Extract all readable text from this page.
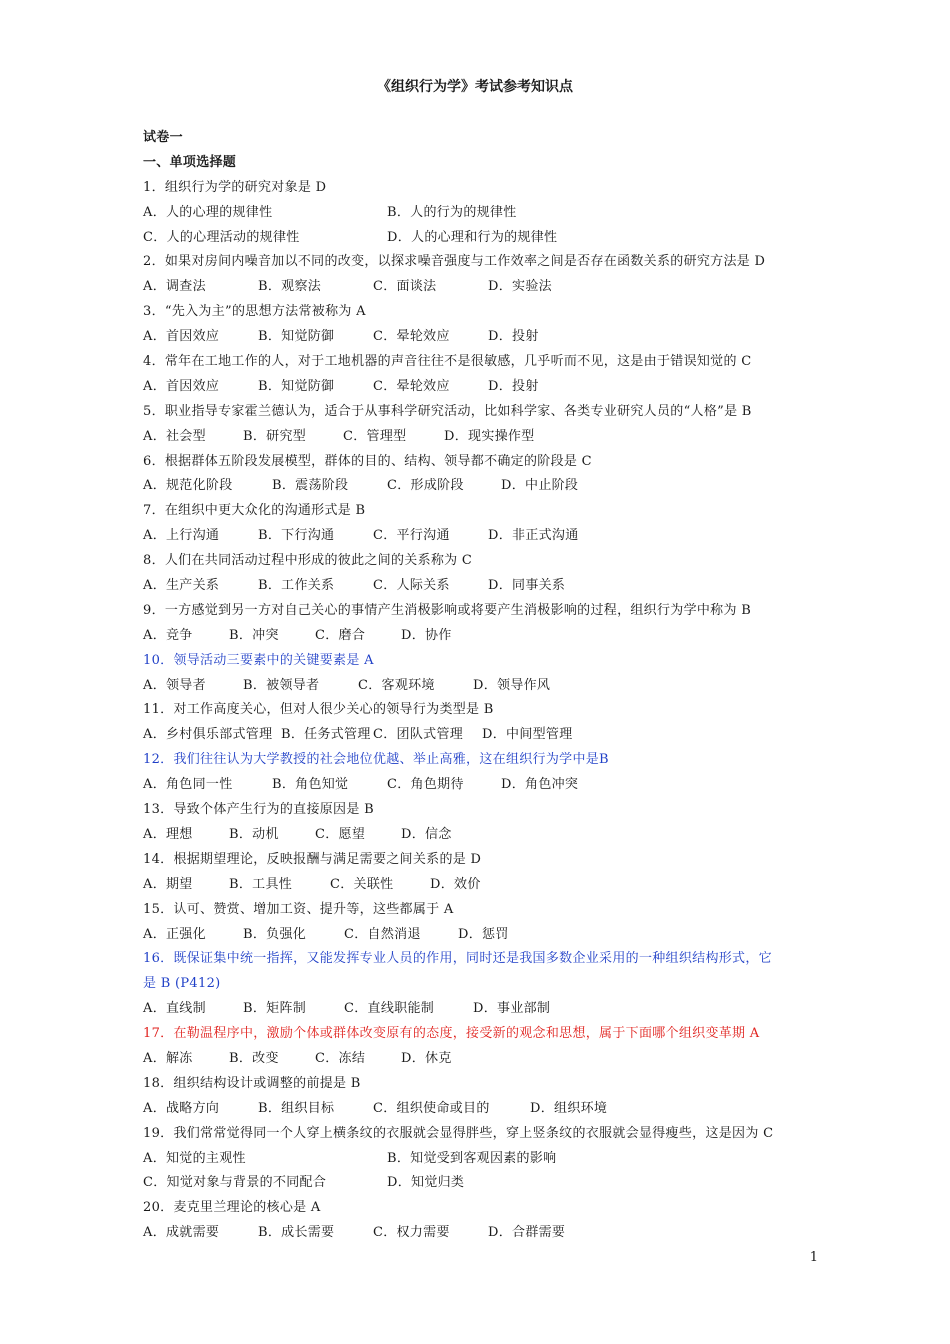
《组织行为学》考试参考知识点
试卷一
一、单项选择题
1．组织行为学的研究对象是 D
A．人的心理的规律性	B．人的行为的规律性
C．人的心理活动的规律性	D．人的心理和行为的规律性
2．如果对房间内噪音加以不同的改变，以探求噪音强度与工作效率之间是否存在函数关系的研究方法是 D
A．调查法	B．观察法	C．面谈法	D．实验法
3．“先入为主”的思想方法常被称为 A
A．首因效应	B．知觉防御	C．晕轮效应	D．投射
4．常年在工地工作的人，对于工地机器的声音往往不是很敏感，几乎听而不见，这是由于错误知觉的 C
A．首因效应	B．知觉防御	C．晕轮效应	D．投射
5．职业指导专家霍兰德认为，适合于从事科学研究活动，比如科学家、各类专业研究人员的“人格”是 B
A．社会型	B．研究型	C．管理型	D．现实操作型
6．根据群体五阶段发展模型，群体的目的、结构、领导都不确定的阶段是 C
A．规范化阶段	B．震荡阶段	C．形成阶段	D．中止阶段
7．在组织中更大众化的沟通形式是 B
A．上行沟通	B．下行沟通	C．平行沟通	D．非正式沟通
8．人们在共同活动过程中形成的彼此之间的关系称为 C
A．生产关系	B．工作关系	C．人际关系	D．同事关系
9．一方感觉到另一方对自己关心的事情产生消极影响或将要产生消极影响的过程，组织行为学中称为 B
A．竞争	B．冲突	C．磨合	D．协作
10．领导活动三要素中的关键要素是 A
A．领导者	B．被领导者	C．客观环境	D．领导作风
11．对工作高度关心，但对人很少关心的领导行为类型是 B
A．乡村俱乐部式管理 B．任务式管理 C．团队式管理 D．中间型管理
12．我们往往认为大学教授的社会地位优越、举止高雅，这在组织行为学中是B
A．角色同一性	B．角色知觉	C．角色期待	D．角色冲突
13．导致个体产生行为的直接原因是 B
A．理想	B．动机	C．愿望	D．信念
14．根据期望理论，反映报酬与满足需要之间关系的是 D
A．期望	B．工具性	C．关联性	D．效价
15．认可、赞赏、增加工资、提升等，这些都属于 A
A．正强化	B．负强化	C．自然消退	D．惩罚
16．既保证集中统一指挥，又能发挥专业人员的作用，同时还是我国多数企业采用的一种组织结构形式，它
是 B (P412)
A．直线制	B．矩阵制	C．直线职能制	D．事业部制
17．在勒温程序中，激励个体或群体改变原有的态度，接受新的观念和思想，属于下面哪个组织变革期 A
A．解冻	B．改变	C．冻结	D．休克
18．组织结构设计或调整的前提是 B
A．战略方向	B．组织目标	C．组织使命或目的	D．组织环境
19．我们常常觉得同一个人穿上横条纹的衣服就会显得胖些，穿上竖条纹的衣服就会显得瘦些，这是因为 C
A．知觉的主观性	B．知觉受到客观因素的影响
C．知觉对象与背景的不同配合	D．知觉归类
20．麦克里兰理论的核心是 A
A．成就需要	B．成长需要	C．权力需要	D．合群需要
1
